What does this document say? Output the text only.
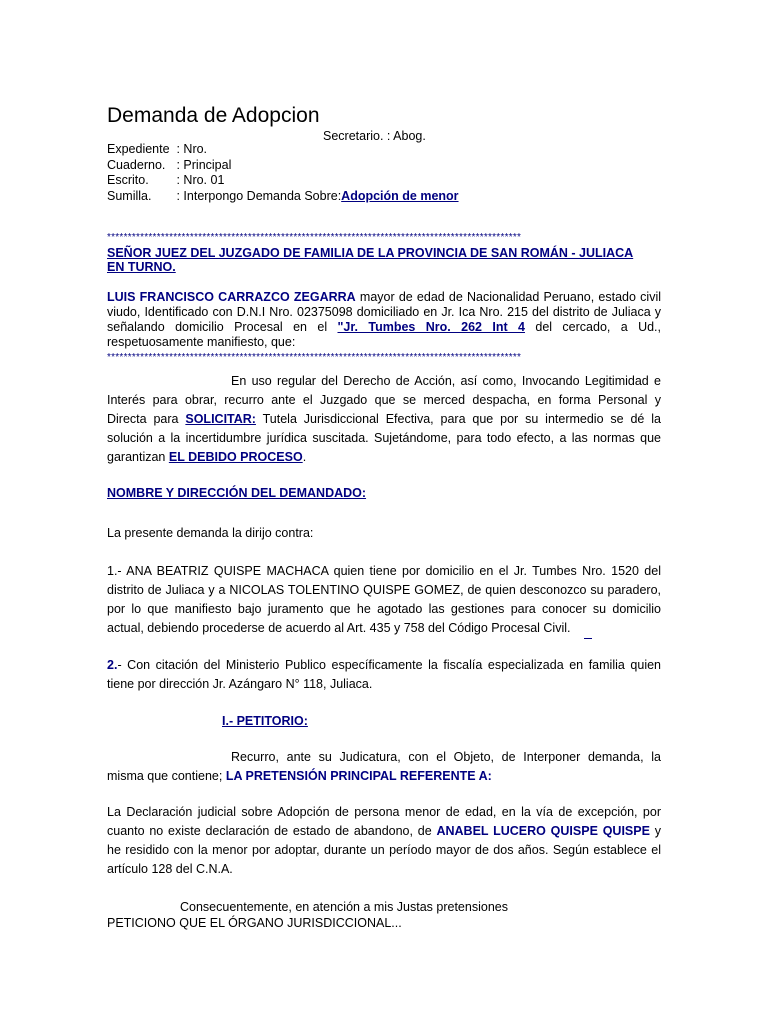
Demanda de Adopcion
Secretario. : Abog.
Expediente : Nro.
Cuaderno. : Principal
Escrito. : Nro. 01
Sumilla. : Interpongo Demanda Sobre:Adopción de menor
****************************************************************************************************
SEÑOR JUEZ DEL JUZGADO DE FAMILIA DE LA PROVINCIA DE SAN ROMÁN - JULIACA
EN TURNO.
LUIS FRANCISCO CARRAZCO ZEGARRA mayor de edad de Nacionalidad Peruano, estado civil
viudo, Identificado con D.N.I Nro. 02375098 domiciliado en Jr. Ica Nro. 215 del distrito de Juliaca y
señalando domicilio Procesal en el "Jr. Tumbes Nro. 262 Int 4 del cercado, a Ud.,
respetuosamente manifiesto, que:
****************************************************************************************************
En uso regular del Derecho de Acción, así como, Invocando Legitimidad e
Interés para obrar, recurro ante el Juzgado que se merced despacha, en forma Personal y
Directa para SOLICITAR: Tutela Jurisdiccional Efectiva, para que por su intermedio se dé la
solución a la incertidumbre jurídica suscitada. Sujetándome, para todo efecto, a las normas que
garantizan EL DEBIDO PROCESO.
NOMBRE Y DIRECCIÓN DEL DEMANDADO:
La presente demanda la dirijo contra:
1.- ANA BEATRIZ QUISPE MACHACA quien tiene por domicilio en el Jr. Tumbes Nro. 1520 del
distrito de Juliaca y a NICOLAS TOLENTINO QUISPE GOMEZ, de quien desconozco su paradero,
por lo que manifiesto bajo juramento que he agotado las gestiones para conocer su domicilio
actual, debiendo procederse de acuerdo al Art. 435 y 758 del Código Procesal Civil.
2.- Con citación del Ministerio Publico específicamente la fiscalía especializada en familia quien
tiene por dirección Jr. Azángaro N° 118, Juliaca.
I.- PETITORIO:
Recurro, ante su Judicatura, con el Objeto, de Interponer demanda, la
misma que contiene; LA PRETENSIÓN PRINCIPAL REFERENTE A:
La Declaración judicial sobre Adopción de persona menor de edad, en la vía de excepción, por
cuanto no existe declaración de estado de abandono, de ANABEL LUCERO QUISPE QUISPE y
he residido con la menor por adoptar, durante un período mayor de dos años. Según establece el
artículo 128 del C.N.A.
Consecuentemente, en atención a mis Justas pretensiones
PETICIONO QUE EL ÓRGANO JURISDICCIONAL...
